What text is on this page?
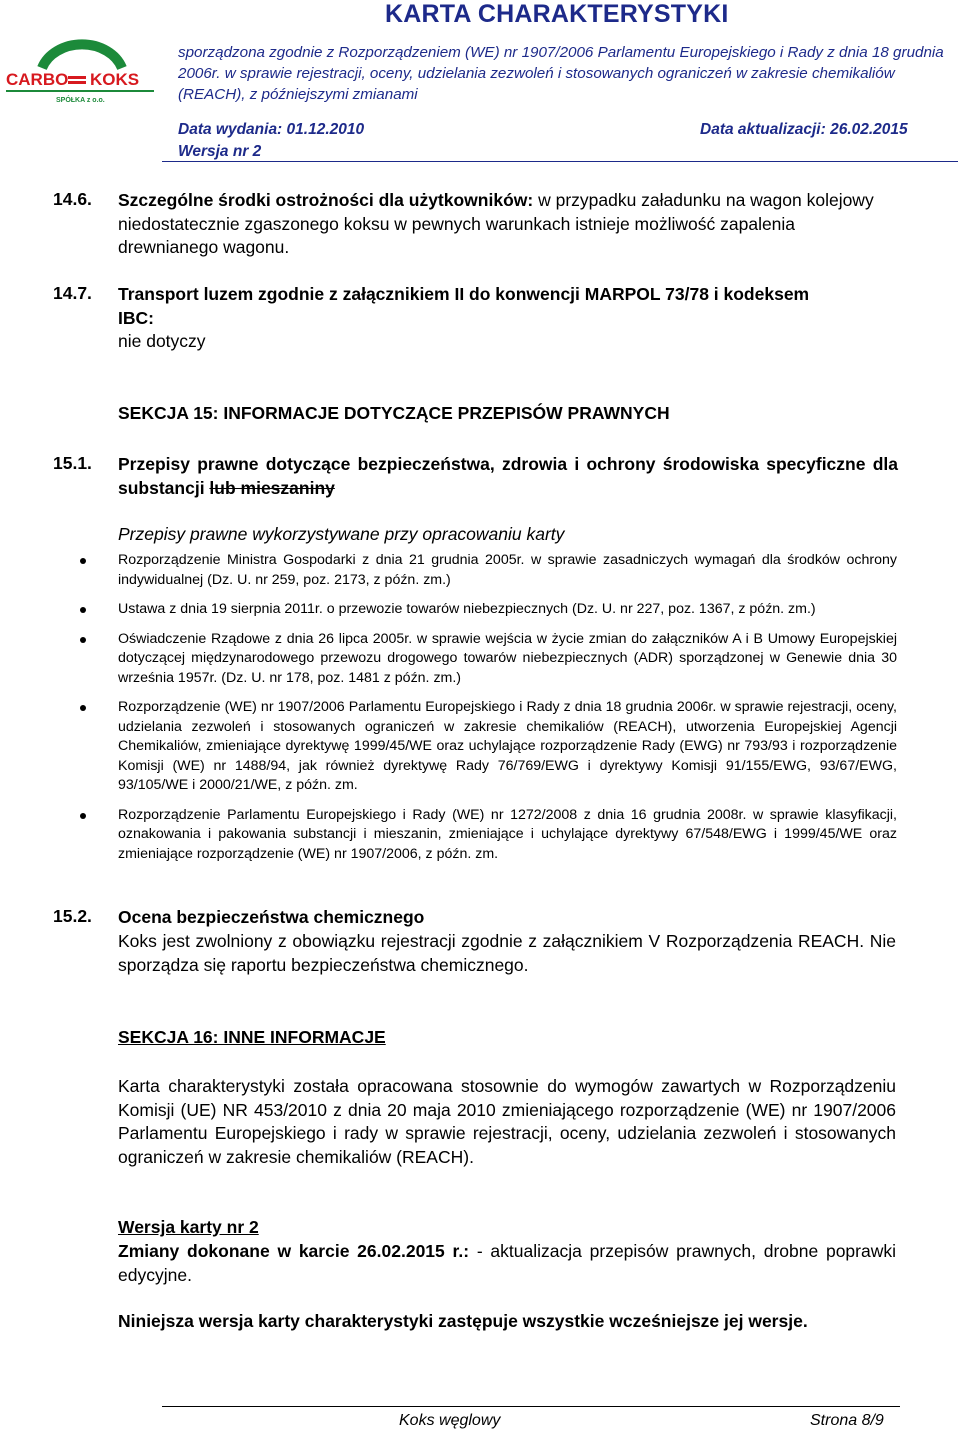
CARBO KOKS
SPÓŁKA z o.o.
KARTA CHARAKTERYSTYKI
sporządzona zgodnie z Rozporządzeniem (WE) nr 1907/2006 Parlamentu Europejskiego i Rady z dnia 18 grudnia 2006r. w sprawie rejestracji, oceny, udzielania zezwoleń i stosowanych ograniczeń w zakresie chemikaliów (REACH), z późniejszymi zmianami
Data wydania: 01.12.2010	Data aktualizacji: 26.02.2015
Wersja nr 2
14.6. Szczególne środki ostrożności dla użytkowników: w przypadku załadunku na wagon kolejowy niedostatecznie zgaszonego koksu w pewnych warunkach istnieje możliwość zapalenia drewnianego wagonu.
14.7. Transport luzem zgodnie z załącznikiem II do konwencji MARPOL 73/78 i kodeksem IBC:
nie dotyczy
SEKCJA 15: INFORMACJE DOTYCZĄCE PRZEPISÓW PRAWNYCH
15.1. Przepisy prawne dotyczące bezpieczeństwa, zdrowia i ochrony środowiska specyficzne dla substancji lub mieszaniny
Przepisy prawne wykorzystywane przy opracowaniu karty
Rozporządzenie Ministra Gospodarki z dnia 21 grudnia 2005r. w sprawie zasadniczych wymagań dla środków ochrony indywidualnej (Dz. U. nr 259, poz. 2173, z późn. zm.)
Ustawa z dnia 19 sierpnia 2011r. o przewozie towarów niebezpiecznych (Dz. U. nr 227, poz. 1367, z późn. zm.)
Oświadczenie Rządowe z dnia 26 lipca 2005r. w sprawie wejścia w życie zmian do załączników A i B Umowy Europejskiej dotyczącej międzynarodowego przewozu drogowego towarów niebezpiecznych (ADR) sporządzonej w Genewie dnia 30 września 1957r. (Dz. U. nr 178, poz. 1481 z późn. zm.)
Rozporządzenie (WE) nr 1907/2006 Parlamentu Europejskiego i Rady z dnia 18 grudnia 2006r. w sprawie rejestracji, oceny, udzielania zezwoleń i stosowanych ograniczeń w zakresie chemikaliów (REACH), utworzenia Europejskiej Agencji Chemikaliów, zmieniające dyrektywę 1999/45/WE oraz uchylające rozporządzenie Rady (EWG) nr 793/93 i rozporządzenie Komisji (WE) nr 1488/94, jak również dyrektywę Rady 76/769/EWG i dyrektywy Komisji 91/155/EWG, 93/67/EWG, 93/105/WE i 2000/21/WE, z późn. zm.
Rozporządzenie Parlamentu Europejskiego i Rady (WE) nr 1272/2008 z dnia 16 grudnia 2008r. w sprawie klasyfikacji, oznakowania i pakowania substancji i mieszanin, zmieniające i uchylające dyrektywy 67/548/EWG i 1999/45/WE oraz zmieniające rozporządzenie (WE) nr 1907/2006, z późn. zm.
15.2. Ocena bezpieczeństwa chemicznego
Koks jest zwolniony z obowiązku rejestracji zgodnie z załącznikiem V Rozporządzenia REACH. Nie sporządza się raportu bezpieczeństwa chemicznego.
SEKCJA 16: INNE INFORMACJE
Karta charakterystyki została opracowana stosownie do wymogów zawartych w Rozporządzeniu Komisji (UE) NR 453/2010 z dnia 20 maja 2010 zmieniającego rozporządzenie (WE) nr 1907/2006 Parlamentu Europejskiego i rady w sprawie rejestracji, oceny, udzielania zezwoleń i stosowanych ograniczeń w zakresie chemikaliów (REACH).
Wersja karty nr 2
Zmiany dokonane w karcie 26.02.2015 r.: - aktualizacja przepisów prawnych, drobne poprawki edycyjne.
Niniejsza wersja karty charakterystyki zastępuje wszystkie wcześniejsze jej wersje.
Koks węglowy	Strona 8/9
